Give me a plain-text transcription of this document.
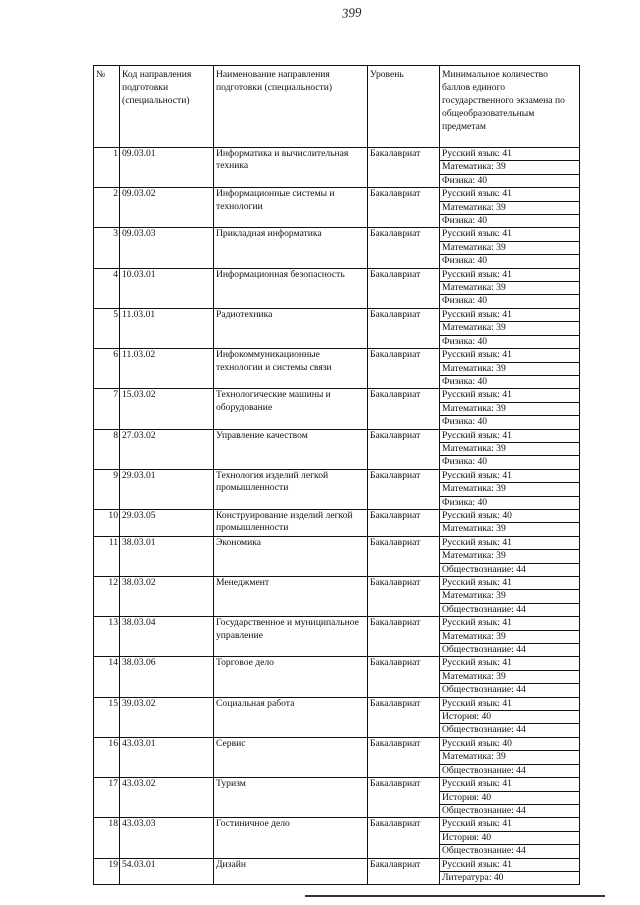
399
№	Код направления подготовки (специальности)	Наименование направления подготовки (специальности)	Уровень	Минимальное количество баллов единого государственного экзамена по общеобразовательным предметам
1	09.03.01	Информатика и вычислительная техника	Бакалавриат	Русский язык: 41
				Математика: 39
				Физика: 40
2	09.03.02	Информационные системы и технологии	Бакалавриат	Русский язык: 41
				Математика: 39
				Физика: 40
3	09.03.03	Прикладная информатика	Бакалавриат	Русский язык: 41
				Математика: 39
				Физика: 40
4	10.03.01	Информационная безопасность	Бакалавриат	Русский язык: 41
				Математика: 39
				Физика: 40
5	11.03.01	Радиотехника	Бакалавриат	Русский язык: 41
				Математика: 39
				Физика: 40
6	11.03.02	Инфокоммуникационные технологии и системы связи	Бакалавриат	Русский язык: 41
				Математика: 39
				Физика: 40
7	15.03.02	Технологические машины и оборудование	Бакалавриат	Русский язык: 41
				Математика: 39
				Физика: 40
8	27.03.02	Управление качеством	Бакалавриат	Русский язык: 41
				Математика: 39
				Физика: 40
9	29.03.01	Технология изделий легкой промышленности	Бакалавриат	Русский язык: 41
				Математика: 39
				Физика: 40
10	29.03.05	Конструирование изделий легкой промышленности	Бакалавриат	Русский язык: 40
				Математика: 39
11	38.03.01	Экономика	Бакалавриат	Русский язык: 41
				Математика: 39
				Обществознание: 44
12	38.03.02	Менеджмент	Бакалавриат	Русский язык: 41
				Математика: 39
				Обществознание: 44
13	38.03.04	Государственное и муниципальное управление	Бакалавриат	Русский язык: 41
				Математика: 39
				Обществознание: 44
14	38.03.06	Торговое дело	Бакалавриат	Русский язык: 41
				Математика: 39
				Обществознание: 44
15	39.03.02	Социальная работа	Бакалавриат	Русский язык: 41
				История: 40
				Обществознание: 44
16	43.03.01	Сервис	Бакалавриат	Русский язык: 40
				Математика: 39
				Обществознание: 44
17	43.03.02	Туризм	Бакалавриат	Русский язык: 41
				История: 40
				Обществознание: 44
18	43.03.03	Гостиничное дело	Бакалавриат	Русский язык: 41
				История: 40
				Обществознание: 44
19	54.03.01	Дизайн	Бакалавриат	Русский язык: 41
				Литература: 40
